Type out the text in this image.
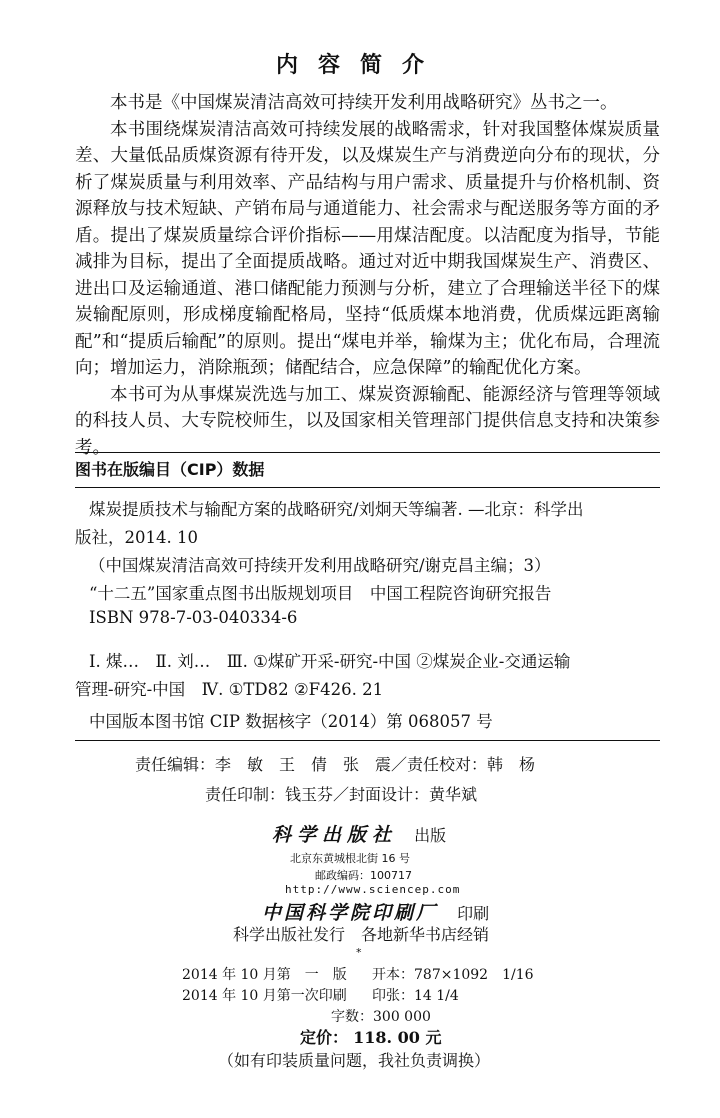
内容简介

本书是《中国煤炭清洁高效可持续开发利用战略研究》丛书之一。

本书围绕煤炭清洁高效可持续发展的战略需求，针对我国整体煤炭质量差、大量低品质煤资源有待开发，以及煤炭生产与消费逆向分布的现状，分析了煤炭质量与利用效率、产品结构与用户需求、质量提升与价格机制、资源释放与技术短缺、产销布局与通道能力、社会需求与配送服务等方面的矛盾。提出了煤炭质量综合评价指标——用煤洁配度。以洁配度为指导，节能减排为目标，提出了全面提质战略。通过对近中期我国煤炭生产、消费区、进出口及运输通道、港口储配能力预测与分析，建立了合理输送半径下的煤炭输配原则，形成梯度输配格局，坚持“低质煤本地消费，优质煤远距离输配”和“提质后输配”的原则。提出“煤电并举，输煤为主；优化布局，合理流向；增加运力，消除瓶颈；储配结合，应急保障”的输配优化方案。

本书可为从事煤炭洗选与加工、煤炭资源输配、能源经济与管理等领域的科技人员、大专院校师生，以及国家相关管理部门提供信息支持和决策参考。

图书在版编目（CIP）数据
煤炭提质技术与输配方案的战略研究/刘炯天等编著. —北京：科学出
版社，2014. 10
（中国煤炭清洁高效可持续开发利用战略研究/谢克昌主编；3）
“十二五”国家重点图书出版规划项目　中国工程院咨询研究报告
ISBN 978-7-03-040334-6
Ⅰ. 煤…　Ⅱ. 刘…　Ⅲ. ①煤矿开采-研究-中国 ②煤炭企业-交通运输
管理-研究-中国　Ⅳ. ①TD82 ②F426. 21
中国版本图书馆 CIP 数据核字（2014）第 068057 号
责任编辑：李　敏　王　倩　张　震／责任校对：韩　杨
责任印制：钱玉芬／封面设计：黄华斌
科学出版社 出版
北京东黄城根北街 16 号
邮政编码：100717
http://www.sciencep.com
中国科学院印刷厂 印刷
科学出版社发行　各地新华书店经销
*
2014 年 10 月第　一　版 开本：787×1092　1/16
2014 年 10 月第一次印刷 印张：14 1/4
字数：300 000
定价： 118. 00 元
（如有印装质量问题，我社负责调换）
